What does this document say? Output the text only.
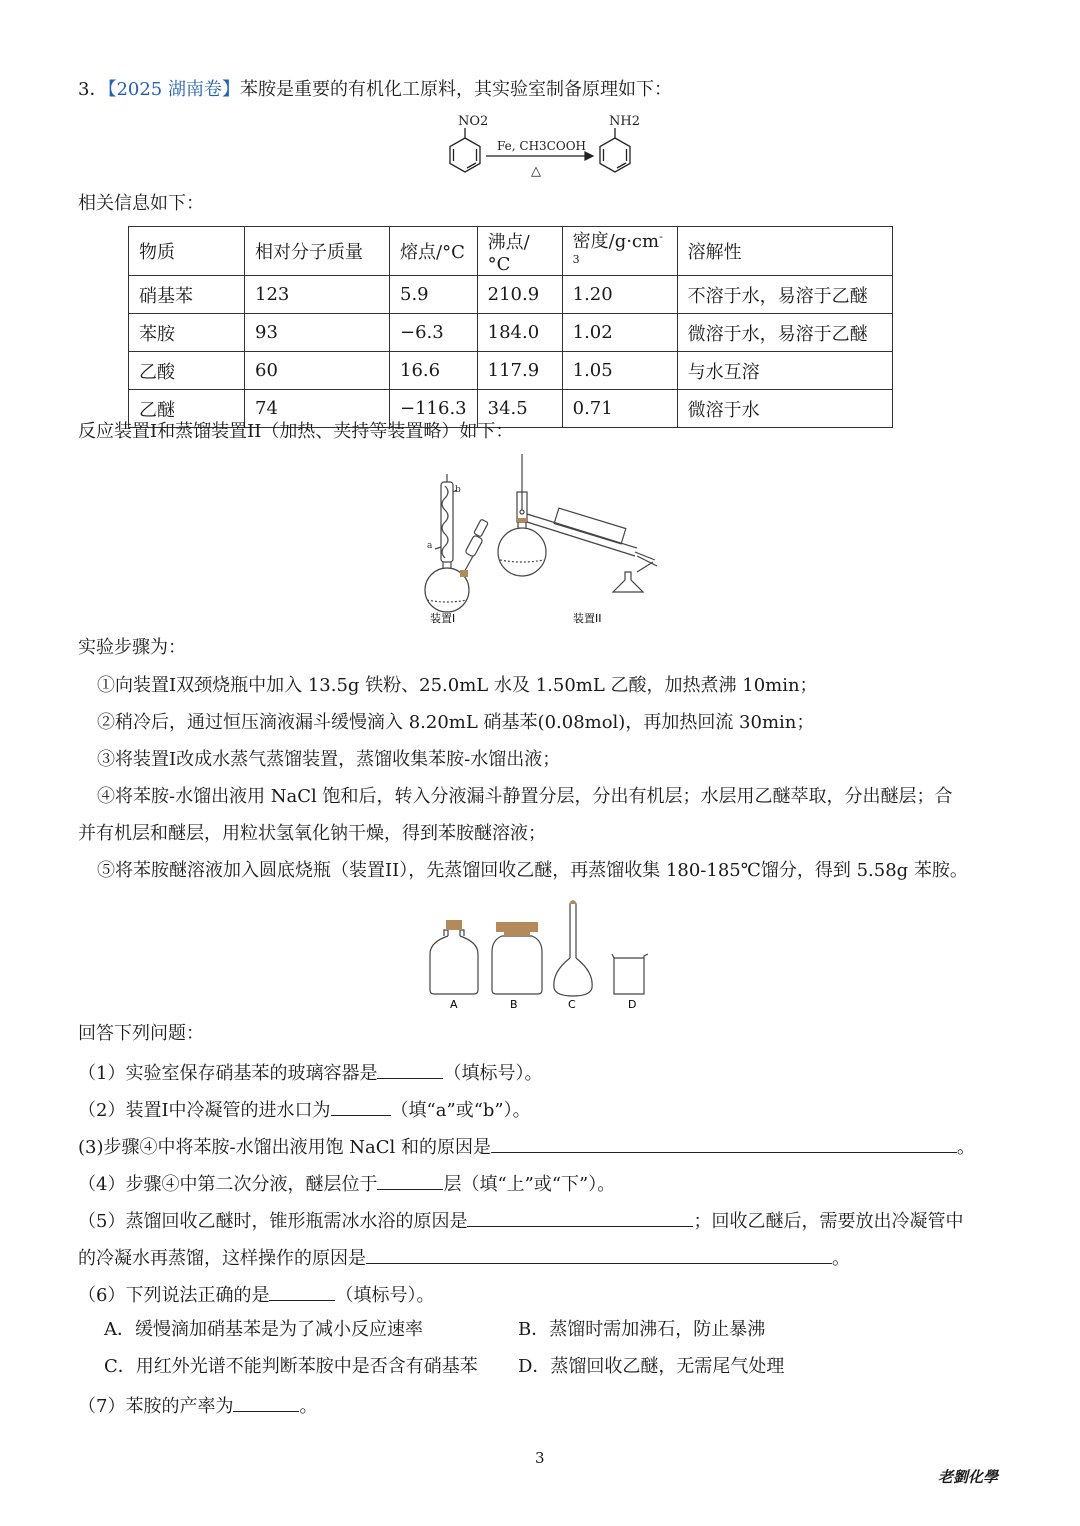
3．【2025 湖南卷】苯胺是重要的有机化工原料，其实验室制备原理如下：
NO2
Fe, CH3COOH
△
NH2
相关信息如下：
物质	相对分子质量	熔点/°C	沸点/°C	密度$/g\cdot cm^{-3}$	溶解性
硝基苯	123	5.9	210.9	1.20	不溶于水，易溶于乙醚
苯胺	93	−6.3	184.0	1.02	微溶于水，易溶于乙醚
乙酸	60	16.6	117.9	1.05	与水互溶
乙醚	74	−116.3	34.5	0.71	微溶于水
反应装置I和蒸馏装置II（加热、夹持等装置略）如下：
b
a
装置I	装置II
实验步骤为：
①向装置I双颈烧瓶中加入 13.5g 铁粉、25.0mL 水及 1.50mL 乙酸，加热煮沸 10min；
②稍冷后，通过恒压滴液漏斗缓慢滴入 8.20mL 硝基苯(0.08mol)，再加热回流 30min；
③将装置I改成水蒸气蒸馏装置，蒸馏收集苯胺-水馏出液；
④将苯胺-水馏出液用 NaCl 饱和后，转入分液漏斗静置分层，分出有机层；水层用乙醚萃取，分出醚层；合
并有机层和醚层，用粒状氢氧化钠干燥，得到苯胺醚溶液；
⑤将苯胺醚溶液加入圆底烧瓶（装置II），先蒸馏回收乙醚，再蒸馏收集 180-185℃馏分，得到 5.58g 苯胺。
A	B	C	D
回答下列问题：
（1）实验室保存硝基苯的玻璃容器是	（填标号）。
（2）装置I中冷凝管的进水口为	（填“a”或“b”）。
(3)步骤④中将苯胺-水馏出液用饱 NaCl 和的原因是	。
（4）步骤④中第二次分液，醚层位于	层（填“上”或“下”）。
（5）蒸馏回收乙醚时，锥形瓶需冰水浴的原因是	；回收乙醚后，需要放出冷凝管中
的冷凝水再蒸馏，这样操作的原因是	。
（6）下列说法正确的是	（填标号）。
A．缓慢滴加硝基苯是为了减小反应速率	B．蒸馏时需加沸石，防止暴沸
C．用红外光谱不能判断苯胺中是否含有硝基苯 D．蒸馏回收乙醚，无需尾气处理
（7）苯胺的产率为	。
3
老劉化學
